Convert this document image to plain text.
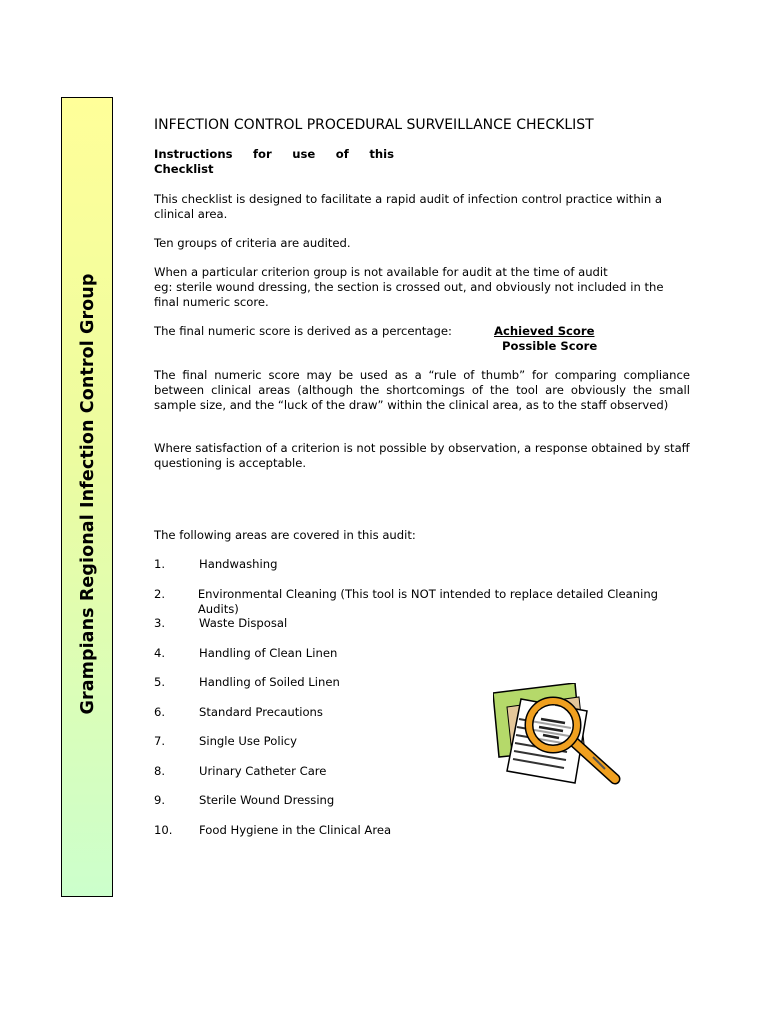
Grampians Regional Infection Control Group
INFECTION CONTROL PROCEDURAL SURVEILLANCE CHECKLIST
Instructions for use of this
Checklist

This checklist is designed to facilitate a rapid audit of infection control practice within a clinical area.

Ten groups of criteria are audited.

When a particular criterion group is not available for audit at the time of audit
eg: sterile wound dressing, the section is crossed out, and obviously not included in the
final numeric score.
The final numeric score is derived as a percentage:	Achieved Score
Possible Score

The final numeric score may be used as a “rule of thumb” for comparing compliance between clinical areas (although the shortcomings of the tool are obviously the small sample size, and the “luck of the draw” within the clinical area, as to the staff observed)

Where satisfaction of a criterion is not possible by observation, a response obtained by staff questioning is acceptable.

The following areas are covered in this audit:

1.	Handwashing
2.	Environmental Cleaning (This tool is NOT intended to replace detailed Cleaning Audits)
3.	Waste Disposal
4.	Handling of Clean Linen
5.	Handling of Soiled Linen
6.	Standard Precautions
7.	Single Use Policy
8.	Urinary Catheter Care
9.	Sterile Wound Dressing
10.	Food Hygiene in the Clinical Area
